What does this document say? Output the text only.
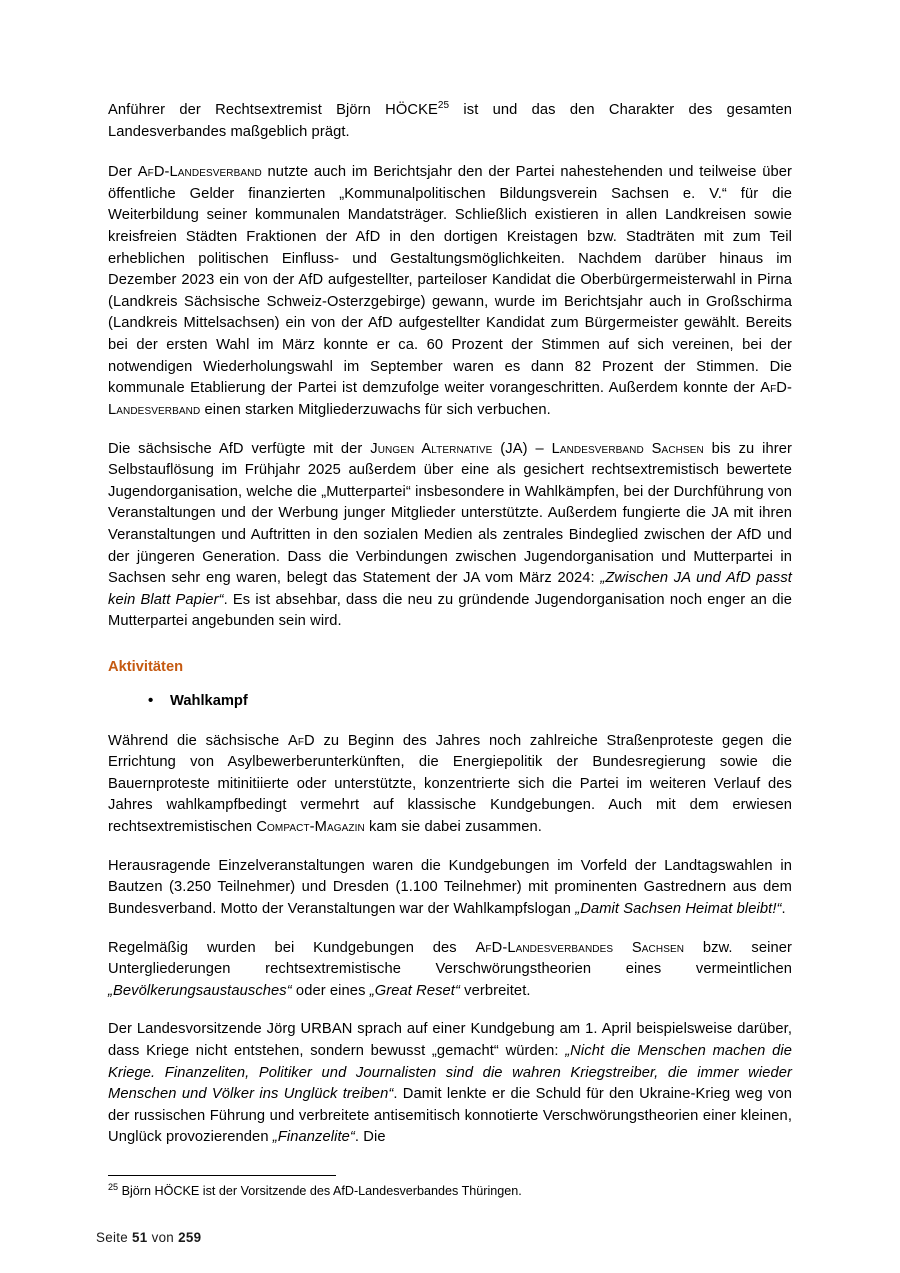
Anführer der Rechtsextremist Björn HÖCKE$^{25}$ ist und das den Charakter des gesamten Landesverbandes maßgeblich prägt.

Der AfD-Landesverband nutzte auch im Berichtsjahr den der Partei nahestehenden und teilweise über öffentliche Gelder finanzierten „Kommunalpolitischen Bildungsverein Sachsen e. V.“ für die Weiterbildung seiner kommunalen Mandatsträger. Schließlich existieren in allen Landkreisen sowie kreisfreien Städten Fraktionen der AfD in den dortigen Kreistagen bzw. Stadträten mit zum Teil erheblichen politischen Einfluss- und Gestaltungsmöglichkeiten. Nachdem darüber hinaus im Dezember 2023 ein von der AfD aufgestellter, parteiloser Kandidat die Oberbürgermeisterwahl in Pirna (Landkreis Sächsische Schweiz-Osterzgebirge) gewann, wurde im Berichtsjahr auch in Großschirma (Landkreis Mittelsachsen) ein von der AfD aufgestellter Kandidat zum Bürgermeister gewählt. Bereits bei der ersten Wahl im März konnte er ca. 60 Prozent der Stimmen auf sich vereinen, bei der notwendigen Wiederholungswahl im September waren es dann 82 Prozent der Stimmen. Die kommunale Etablierung der Partei ist demzufolge weiter vorangeschritten. Außerdem konnte der AfD-Landesverband einen starken Mitgliederzuwachs für sich verbuchen.

Die sächsische AfD verfügte mit der Jungen Alternative (JA) – Landesverband Sachsen bis zu ihrer Selbstauflösung im Frühjahr 2025 außerdem über eine als gesichert rechtsextremistisch bewertete Jugendorganisation, welche die „Mutterpartei“ insbesondere in Wahlkämpfen, bei der Durchführung von Veranstaltungen und der Werbung junger Mitglieder unterstützte. Außerdem fungierte die JA mit ihren Veranstaltungen und Auftritten in den sozialen Medien als zentrales Bindeglied zwischen der AfD und der jüngeren Generation. Dass die Verbindungen zwischen Jugendorganisation und Mutterpartei in Sachsen sehr eng waren, belegt das Statement der JA vom März 2024: „Zwischen JA und AfD passt kein Blatt Papier“. Es ist absehbar, dass die neu zu gründende Jugendorganisation noch enger an die Mutterpartei angebunden sein wird.

Aktivitäten
• Wahlkampf

Während die sächsische AfD zu Beginn des Jahres noch zahlreiche Straßenproteste gegen die Errichtung von Asylbewerberunterkünften, die Energiepolitik der Bundesregierung sowie die Bauernproteste mitinitiierte oder unterstützte, konzentrierte sich die Partei im weiteren Verlauf des Jahres wahlkampfbedingt vermehrt auf klassische Kundgebungen. Auch mit dem erwiesen rechtsextremistischen Compact-Magazin kam sie dabei zusammen.

Herausragende Einzelveranstaltungen waren die Kundgebungen im Vorfeld der Landtagswahlen in Bautzen (3.250 Teilnehmer) und Dresden (1.100 Teilnehmer) mit prominenten Gastrednern aus dem Bundesverband. Motto der Veranstaltungen war der Wahlkampfslogan „Damit Sachsen Heimat bleibt!“.

Regelmäßig wurden bei Kundgebungen des AfD-Landesverbandes Sachsen bzw. seiner Untergliederungen rechtsextremistische Verschwörungstheorien eines vermeintlichen „Bevölkerungsaustausches“ oder eines „Great Reset“ verbreitet.

Der Landesvorsitzende Jörg URBAN sprach auf einer Kundgebung am 1. April beispielsweise darüber, dass Kriege nicht entstehen, sondern bewusst „gemacht“ würden: „Nicht die Menschen machen die Kriege. Finanzeliten, Politiker und Journalisten sind die wahren Kriegstreiber, die immer wieder Menschen und Völker ins Unglück treiben“. Damit lenkte er die Schuld für den Ukraine-Krieg weg von der russischen Führung und verbreitete antisemitisch konnotierte Verschwörungstheorien einer kleinen, Unglück provozierenden „Finanzelite“. Die

$^{25}$ Björn HÖCKE ist der Vorsitzende des AfD-Landesverbandes Thüringen.

Seite 51 von 259
